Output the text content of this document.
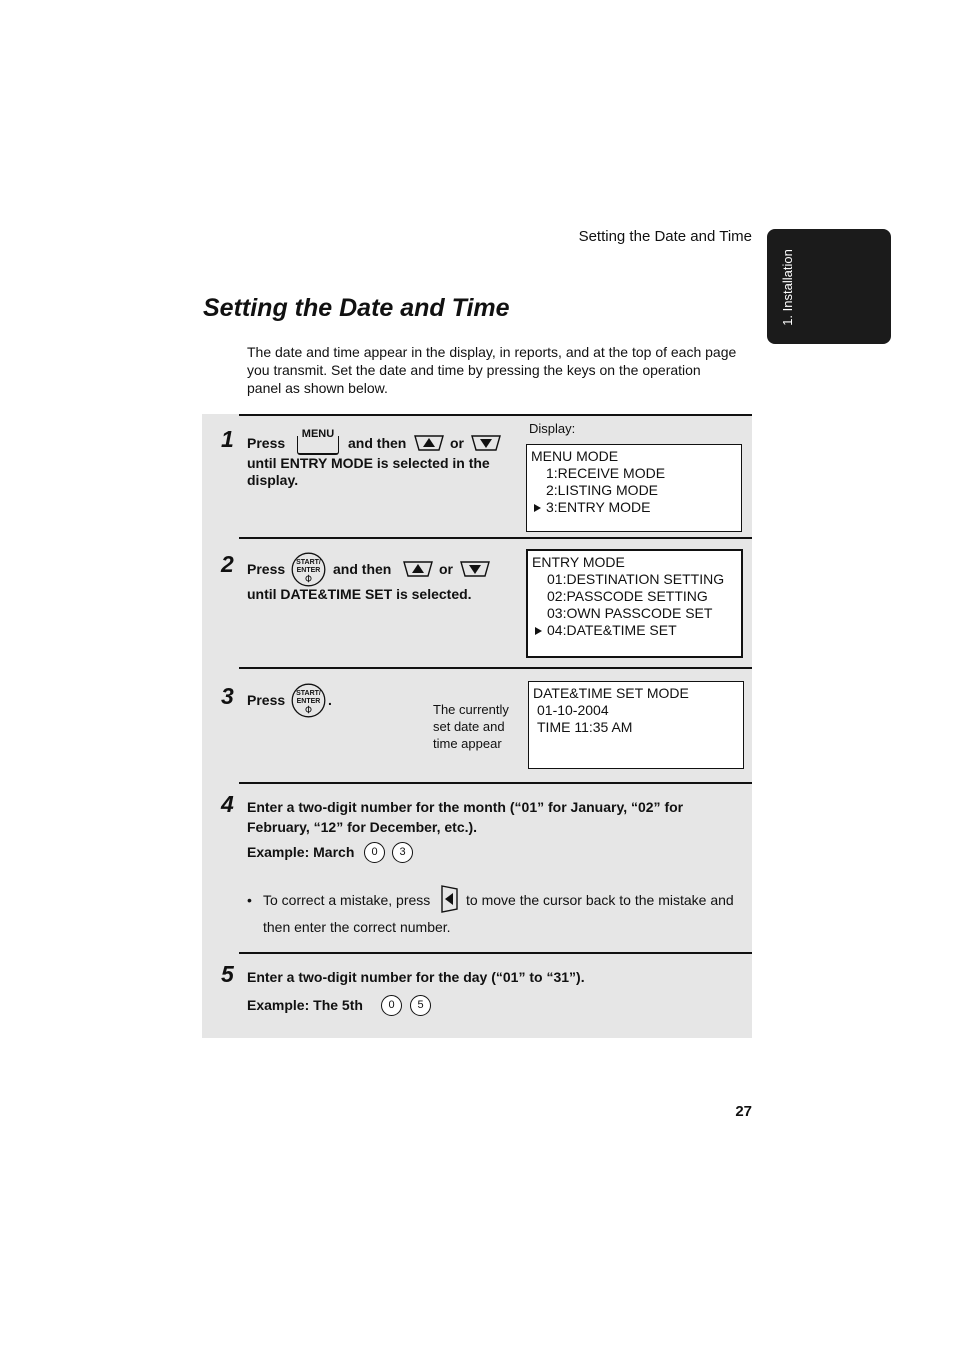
Setting the Date and Time
1. Installation
Setting the Date and Time
The date and time appear in the display, in reports, and at the top of each page you transmit. Set the date and time by pressing the keys on the operation panel as shown below.
1 Press
MENU
and then	or
until ENTRY MODE is selected in the
display.
Display:
MENU MODE
1:RECEIVE MODE
2:LISTING MODE
3:ENTRY MODE
2 Press START/
ENTER and then	or
until DATE&TIME SET is selected.
ENTRY MODE
01:DESTINATION SETTING
02:PASSCODE SETTING
03:OWN PASSCODE SET
04:DATE&TIME SET
3 Press START/
ENTER .
The currently
set date and
time appear
DATE&TIME SET MODE
01-10-2004
TIME 11:35 AM
4 Enter a two-digit number for the month (“01” for January, “02” for
February, “12” for December, etc.).
Example: March	0	3
• To correct a mistake, press	to move the cursor back to the mistake and
then enter the correct number.
5 Enter a two-digit number for the day (“01” to “31”).
Example: The 5th	0	5
27
